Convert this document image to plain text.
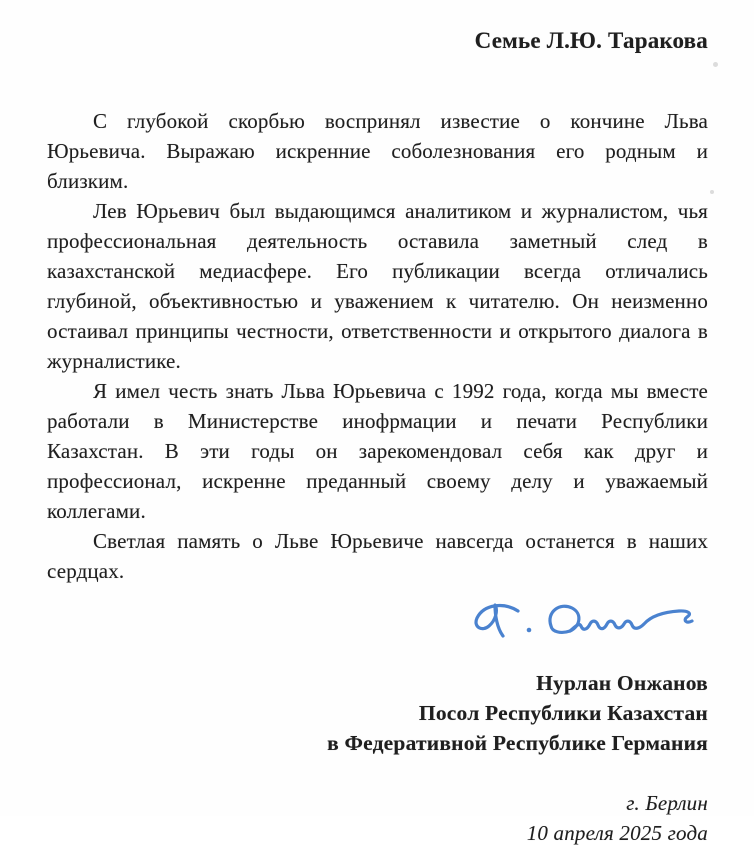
Семье Л.Ю. Таракова

С глубокой скорбью воспринял известие о кончине Льва Юрьевича. Выражаю искренние соболезнования его родным и близким.

Лев Юрьевич был выдающимся аналитиком и журналистом, чья профессиональная деятельность оставила заметный след в казахстанской медиасфере. Его публикации всегда отличались глубиной, объективностью и уважением к читателю. Он неизменно остаивал принципы честности, ответственности и открытого диалога в журналистике.

Я имел честь знать Льва Юрьевича с 1992 года, когда мы вместе работали в Министерстве инофрмации и печати Республики Казахстан. В эти годы он зарекомендовал себя как друг и профессионал, искренне преданный своему делу и уважаемый коллегами.

Светлая память о Льве Юрьевиче навсегда останется в наших сердцах.

Нурлан Онжанов
Посол Республики Казахстан
в Федеративной Республике Германия
г. Берлин
10 апреля 2025 года
